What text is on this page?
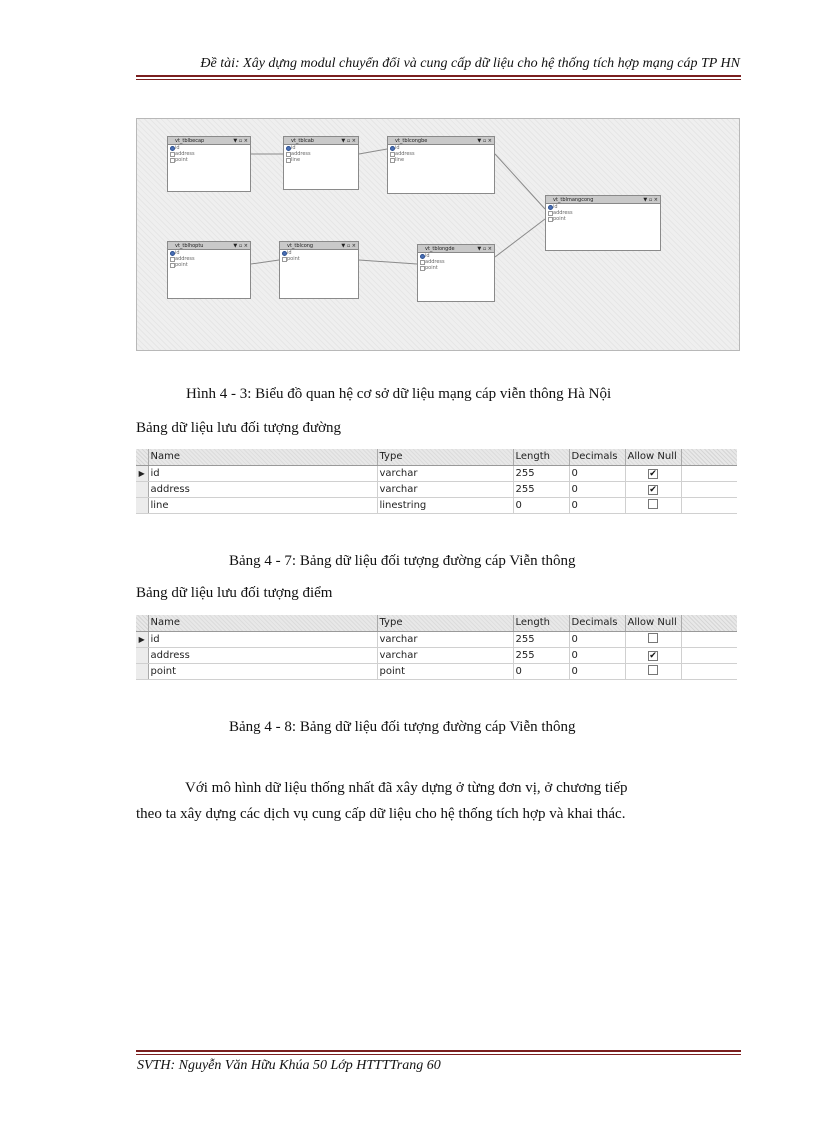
Đề tài: Xây dựng modul chuyển đổi và cung cấp dữ liệu cho hệ thống tích hợp mạng cáp TP HN
vt_tblbecap	▼ ▫ ×
id
address
point
vt_tblcab	▼ ▫ ×
id
address
line
vt_tblcongbe	▼ ▫ ×
id
address
line
vt_tblmangcong	▼ ▫ ×
id
address
point
vt_tblhoptu	▼ ▫ ×
id
address
point
vt_tblcong	▼ ▫ ×
id
point
vt_tblongde	▼ ▫ ×
id
address
point
Hình 4 - 3: Biểu đồ quan hệ cơ sở dữ liệu mạng cáp viễn thông Hà Nội
Bảng dữ liệu lưu đối tượng đường
	Name	Type	Length	Decimals	Allow Null	
▶	id	varchar	255	0	✔	
	address	varchar	255	0	✔	
	line	linestring	0	0		
Bảng 4 - 7: Bảng dữ liệu đối tượng đường cáp Viễn thông
Bảng dữ liệu lưu đối tượng điểm
	Name	Type	Length	Decimals	Allow Null	
▶	id	varchar	255	0		
	address	varchar	255	0	✔	
	point	point	0	0		
Bảng 4 - 8: Bảng dữ liệu đối tượng đường cáp Viễn thông
Với mô hình dữ liệu thống nhất đã xây dựng ở từng đơn vị, ở chương tiếp
theo ta xây dựng các dịch vụ cung cấp dữ liệu cho hệ thống tích hợp và khai thác.
SVTH: Nguyễn Văn Hữu Khúa 50 Lớp HTTTTrang 60
